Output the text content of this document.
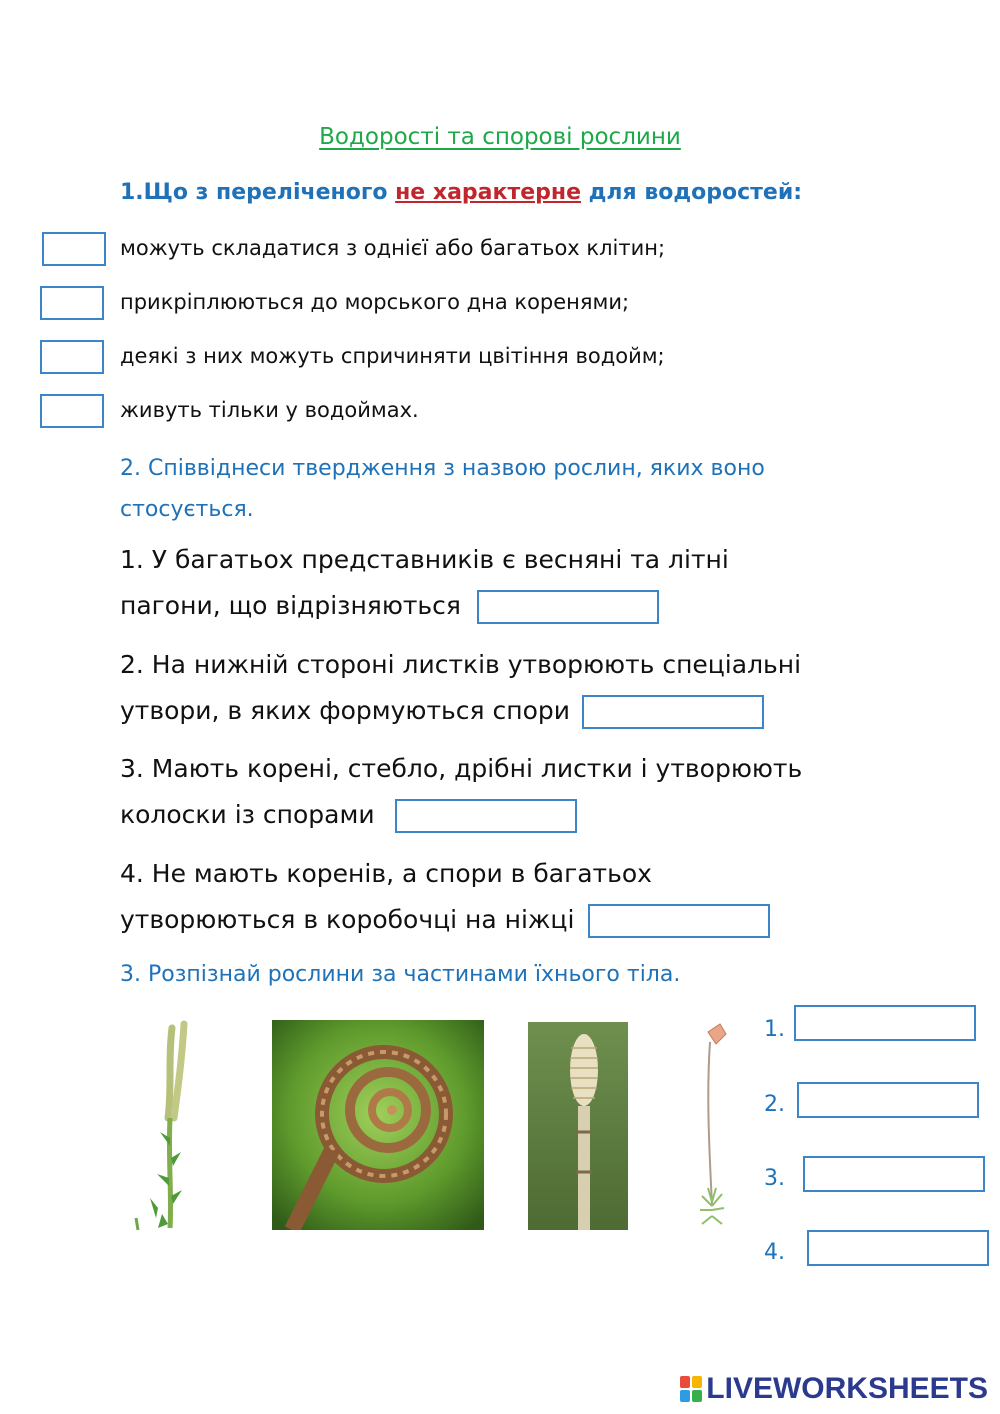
Водорості та спорові рослини
1.Що з переліченого не характерне для водоростей:
можуть складатися з однієї або багатьох клітин;
прикріплюються до морського дна коренями;
деякі з них можуть спричиняти цвітіння водойм;
живуть тільки у водоймах.
2. Співвіднеси твердження з назвою рослин, яких воно стосується.
1. У багатьох представників є весняні та літні
пагони, що відрізняються
2. На нижній стороні листків утворюють спеціальні
утвори, в яких формуються спори
3. Мають корені, стебло, дрібні листки і утворюють
колоски із спорами
4. Не мають коренів, а спори в багатьох
утворюються в коробочці на ніжці
3. Розпізнай рослини за частинами їхнього тіла.
1.
2.
3.
4.
LIVEWORKSHEETS
